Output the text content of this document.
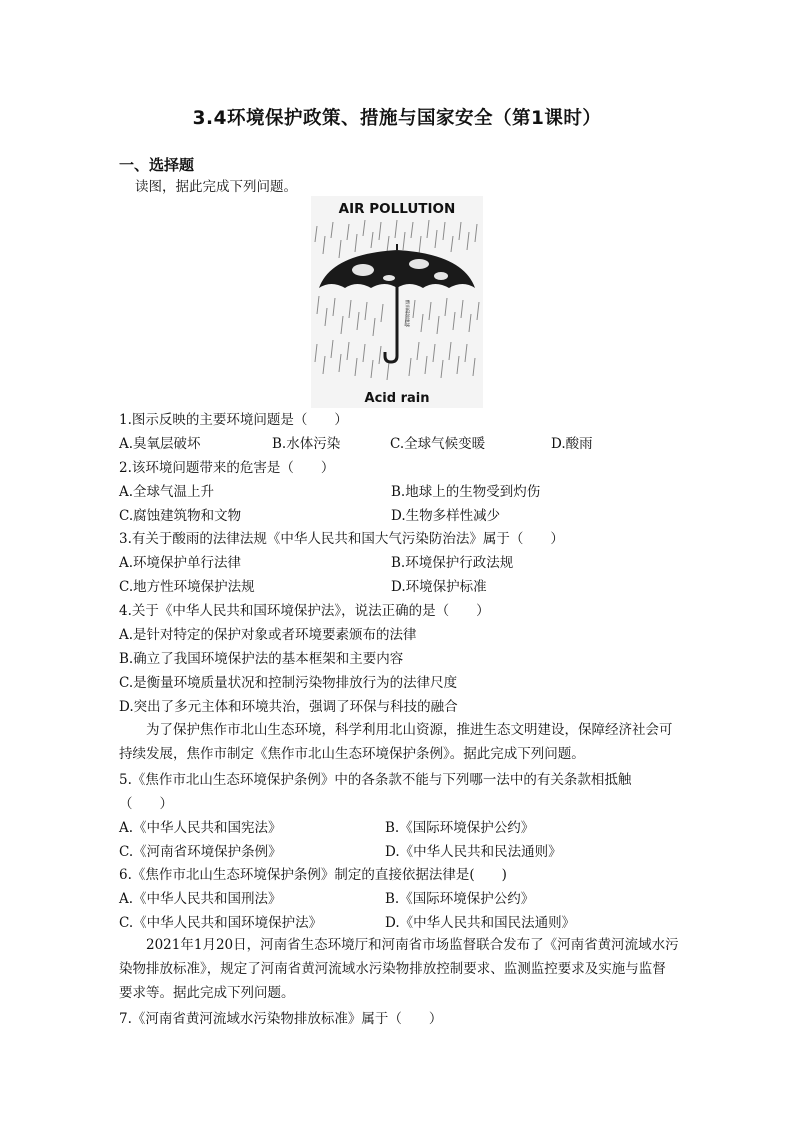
3.4环境保护政策、措施与国家安全（第1课时）
一、选择题
读图，据此完成下列问题。
AIR POLLUTION
酸雨侵蚀地球
Acid rain
1.图示反映的主要环境问题是（　　）
A.臭氧层破坏	B.水体污染	C.全球气候变暖	D.酸雨
2.该环境问题带来的危害是（　　）
A.全球气温上升	B.地球上的生物受到灼伤
C.腐蚀建筑物和文物	D.生物多样性减少
3.有关于酸雨的法律法规《中华人民共和国大气污染防治法》属于（　　）
A.环境保护单行法律	B.环境保护行政法规
C.地方性环境保护法规	D.环境保护标准
4.关于《中华人民共和国环境保护法》，说法正确的是（　　）
A.是针对特定的保护对象或者环境要素颁布的法律
B.确立了我国环境保护法的基本框架和主要内容
C.是衡量环境质量状况和控制污染物排放行为的法律尺度
D.突出了多元主体和环境共治，强调了环保与科技的融合
为了保护焦作市北山生态环境，科学利用北山资源，推进生态文明建设，保障经济社会可持续发展，焦作市制定《焦作市北山生态环境保护条例》。据此完成下列问题。
5.《焦作市北山生态环境保护条例》中的各条款不能与下列哪一法中的有关条款相抵触
（　　）
A.《中华人民共和国宪法》	B.《国际环境保护公约》
C.《河南省环境保护条例》	D.《中华人民共和民法通则》
6.《焦作市北山生态环境保护条例》制定的直接依据法律是(　　)
A.《中华人民共和国刑法》	B.《国际环境保护公约》
C.《中华人民共和国环境保护法》	D.《中华人民共和国民法通则》
2021年1月20日，河南省生态环境厅和河南省市场监督联合发布了《河南省黄河流域水污染物排放标准》，规定了河南省黄河流域水污染物排放控制要求、监测监控要求及实施与监督要求等。据此完成下列问题。
7.《河南省黄河流域水污染物排放标准》属于（　　）
